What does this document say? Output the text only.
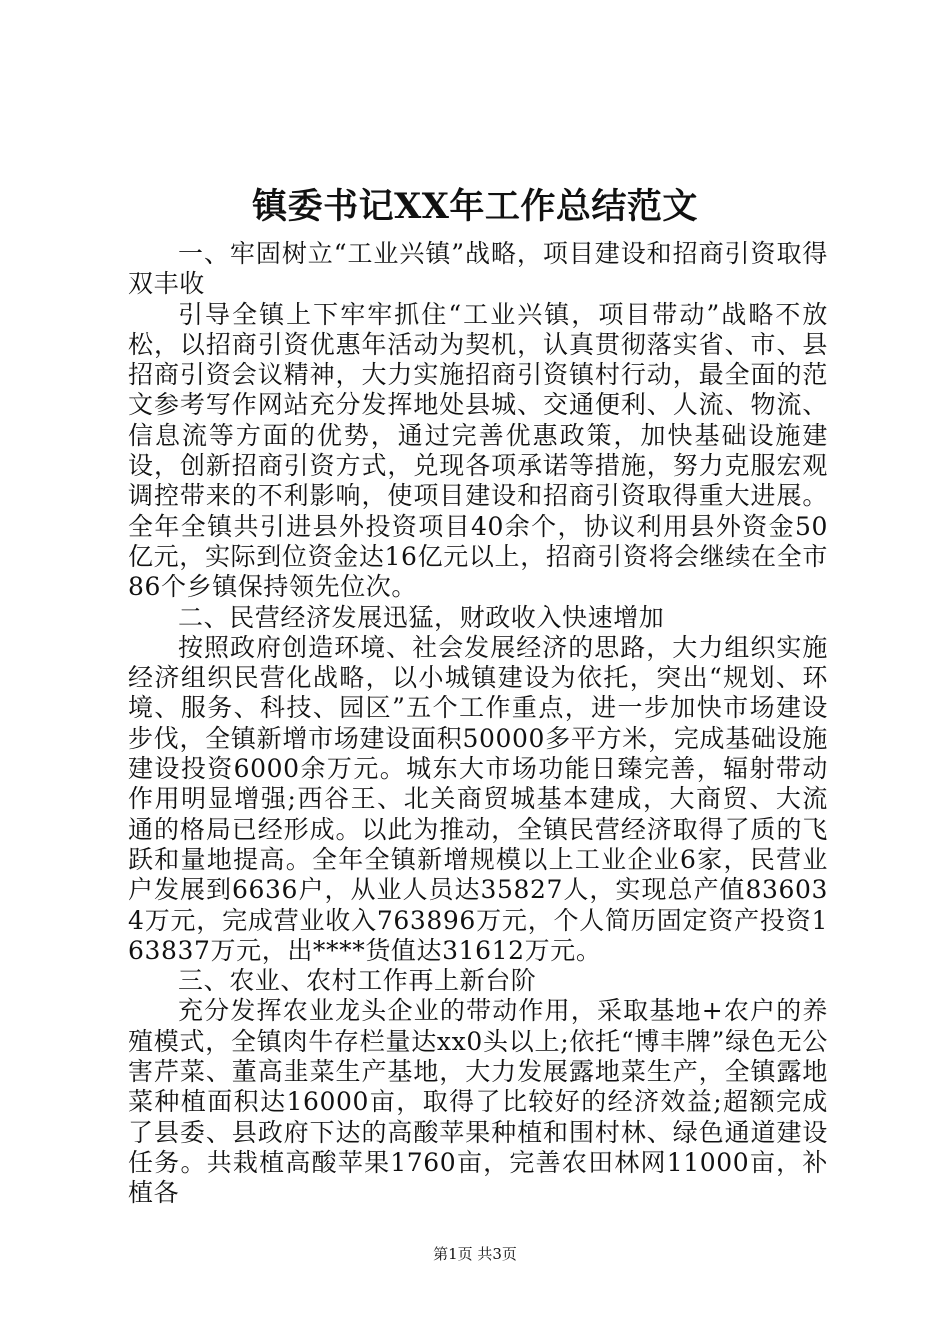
镇委书记XX年工作总结范文

一、牢固树立“工业兴镇”战略，项目建设和招商引资取得双丰收

引导全镇上下牢牢抓住“工业兴镇，项目带动”战略不放松，以招商引资优惠年活动为契机，认真贯彻落实省、市、县招商引资会议精神，大力实施招商引资镇村行动，最全面的范文参考写作网站充分发挥地处县城、交通便利、人流、物流、信息流等方面的优势，通过完善优惠政策，加快基础设施建设，创新招商引资方式，兑现各项承诺等措施，努力克服宏观调控带来的不利影响，使项目建设和招商引资取得重大进展。全年全镇共引进县外投资项目40余个，协议利用县外资金50亿元，实际到位资金达16亿元以上，招商引资将会继续在全市86个乡镇保持领先位次。

二、民营经济发展迅猛，财政收入快速增加

按照政府创造环境、社会发展经济的思路，大力组织实施经济组织民营化战略，以小城镇建设为依托，突出“规划、环境、服务、科技、园区”五个工作重点，进一步加快市场建设步伐，全镇新增市场建设面积50000多平方米，完成基础设施建设投资6000余万元。城东大市场功能日臻完善，辐射带动作用明显增强;西谷王、北关商贸城基本建成，大商贸、大流通的格局已经形成。以此为推动，全镇民营经济取得了质的飞跃和量地提高。全年全镇新增规模以上工业企业6家，民营业户发展到6636户，从业人员达35827人，实现总产值836034万元，完成营业收入763896万元，个人简历固定资产投资163837万元，出****货值达31612万元。

三、农业、农村工作再上新台阶

充分发挥农业龙头企业的带动作用，采取基地+农户的养殖模式，全镇肉牛存栏量达xx0头以上;依托“博丰牌”绿色无公害芹菜、董高韭菜生产基地，大力发展露地菜生产，全镇露地菜种植面积达16000亩，取得了比较好的经济效益;超额完成了县委、县政府下达的高酸苹果种植和围村林、绿色通道建设任务。共栽植高酸苹果1760亩，完善农田林网11000亩，补植各

第1页 共3页
